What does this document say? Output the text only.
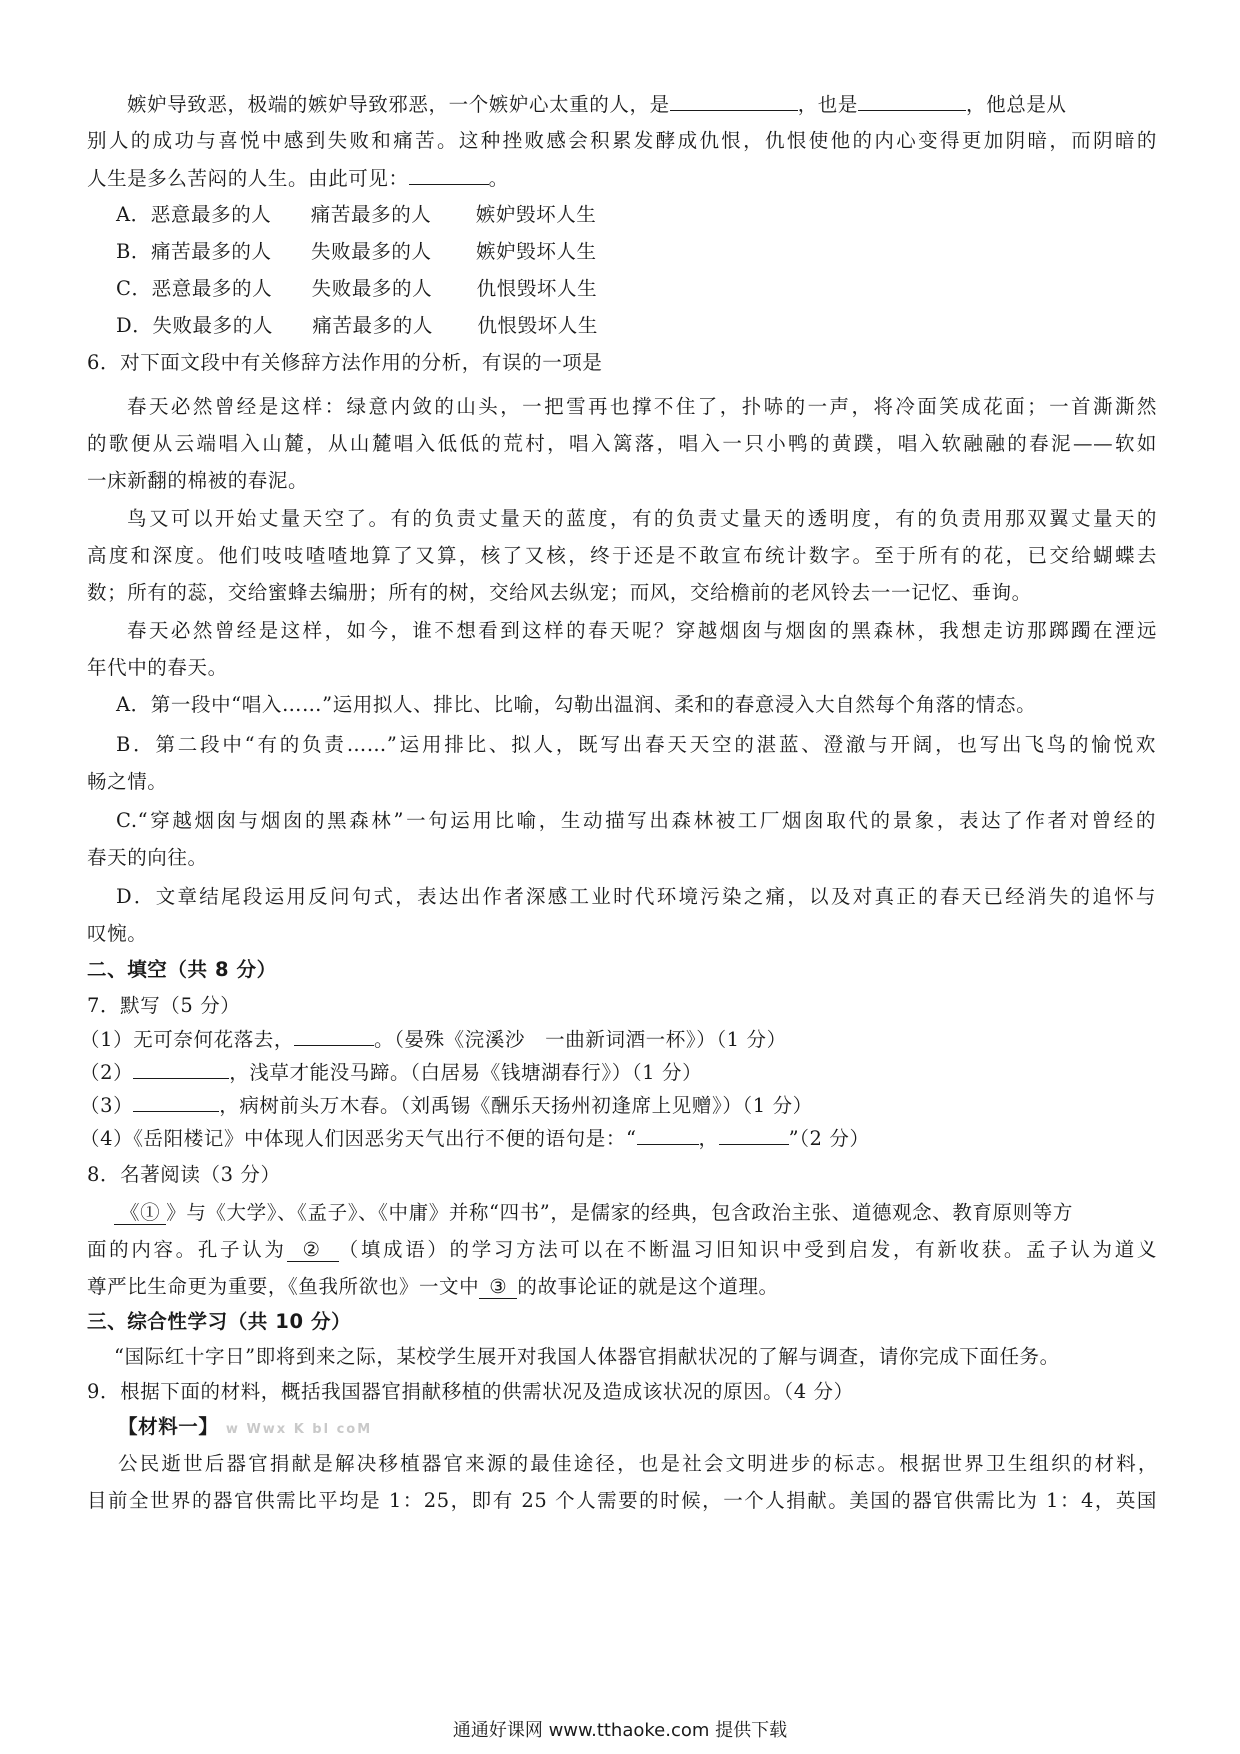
嫉妒导致恶，极端的嫉妒导致邪恶，一个嫉妒心太重的人，是	，也是	，他总是从
别人的成功与喜悦中感到失败和痛苦。这种挫败感会积累发酵成仇恨，仇恨使他的内心变得更加阴暗，而阴暗的
人生是多么苦闷的人生。由此可见：	。
A．恶意最多的人 痛苦最多的人 嫉妒毁坏人生
B．痛苦最多的人 失败最多的人 嫉妒毁坏人生
C．恶意最多的人 失败最多的人 仇恨毁坏人生
D．失败最多的人 痛苦最多的人 仇恨毁坏人生
6．对下面文段中有关修辞方法作用的分析，有误的一项是
春天必然曾经是这样：绿意内敛的山头，一把雪再也撑不住了，扑哧的一声，将冷面笑成花面；一首澌澌然
的歌便从云端唱入山麓，从山麓唱入低低的荒村，唱入篱落，唱入一只小鸭的黄蹼，唱入软融融的春泥——软如
一床新翻的棉被的春泥。
鸟又可以开始丈量天空了。有的负责丈量天的蓝度，有的负责丈量天的透明度，有的负责用那双翼丈量天的
高度和深度。他们吱吱喳喳地算了又算，核了又核，终于还是不敢宣布统计数字。至于所有的花，已交给蝴蝶去
数；所有的蕊，交给蜜蜂去编册；所有的树，交给风去纵宠；而风，交给檐前的老风铃去一一记忆、垂询。
春天必然曾经是这样，如今，谁不想看到这样的春天呢？穿越烟囱与烟囱的黑森林，我想走访那踯躅在湮远
年代中的春天。
A．第一段中“唱入……”运用拟人、排比、比喻，勾勒出温润、柔和的春意浸入大自然每个角落的情态。
B．第二段中“有的负责……”运用排比、拟人，既写出春天天空的湛蓝、澄澈与开阔，也写出飞鸟的愉悦欢
畅之情。
C.“穿越烟囱与烟囱的黑森林”一句运用比喻，生动描写出森林被工厂烟囱取代的景象，表达了作者对曾经的
春天的向往。
D．文章结尾段运用反问句式，表达出作者深感工业时代环境污染之痛，以及对真正的春天已经消失的追怀与
叹惋。
二、填空（共 8 分）
7．默写（5 分）
（1）无可奈何花落去，	。（晏殊《浣溪沙　一曲新词酒一杯》）（1 分）
（2）	，浅草才能没马蹄。（白居易《钱塘湖春行》）（1 分）
（3）	，病树前头万木春。（刘禹锡《酬乐天扬州初逢席上见赠》）（1 分）
（4）《岳阳楼记》中体现人们因恶劣天气出行不便的语句是：“	，	”（2 分）
8．名著阅读（3 分）
《① 》与《大学》、《孟子》、《中庸》并称“四书”，是儒家的经典，包含政治主张、道德观念、教育原则等方
面的内容。孔子认为 ② （填成语）的学习方法可以在不断温习旧知识中受到启发，有新收获。孟子认为道义
尊严比生命更为重要，《鱼我所欲也》一文中 ③ 的故事论证的就是这个道理。
三、综合性学习（共 10 分）
“国际红十字日”即将到来之际，某校学生展开对我国人体器官捐献状况的了解与调查，请你完成下面任务。
9．根据下面的材料，概括我国器官捐献移植的供需状况及造成该状况的原因。（4 分）
【材料一】 w Wwx K bl coM
公民逝世后器官捐献是解决移植器官来源的最佳途径，也是社会文明进步的标志。根据世界卫生组织的材料，
目前全世界的器官供需比平均是 1：25，即有 25 个人需要的时候，一个人捐献。美国的器官供需比为 1：4，英国
通通好课网 www.tthaoke.com 提供下载
